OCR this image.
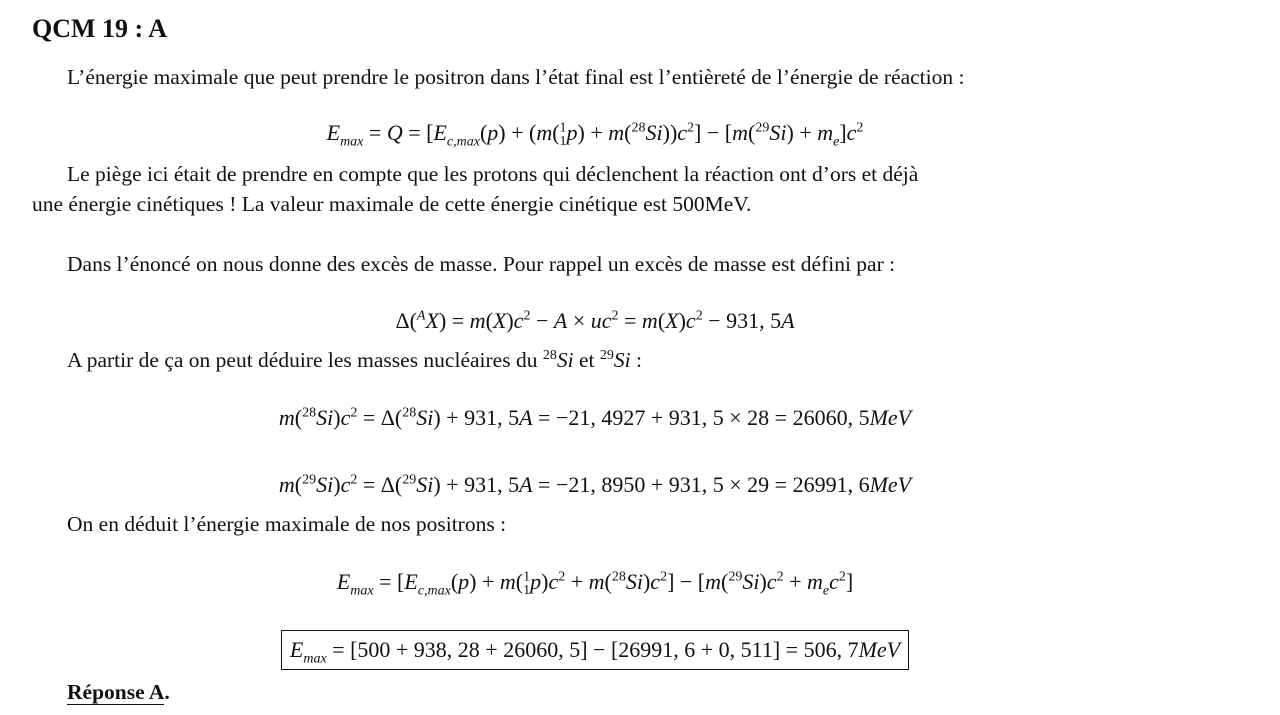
QCM 19 : A
L’énergie maximale que peut prendre le positron dans l’état final est l’entièreté de l’énergie de réaction :
$E_{max} = Q = [E_{c,max}(p) + (m(^1_1p) + m(^{28}Si))c^2] - [m(^{29}Si) + m_e]c^2$
Le piège ici était de prendre en compte que les protons qui déclenchent la réaction ont d’ors et déjà
une énergie cinétiques ! La valeur maximale de cette énergie cinétique est 500MeV.
Dans l’énoncé on nous donne des excès de masse. Pour rappel un excès de masse est défini par :
$\Delta(^AX) = m(X)c^2 - A \times uc^2 = m(X)c^2 - 931$, 5A
A partir de ça on peut déduire les masses nucléaires du $^{28}$Si et $^{29}$Si :
$m(^{28}Si)c^2 = \Delta(^{28}Si) + 931$, 5A = −21, 4927 + 931, 5 × 28 = 26060, 5MeV
$m(^{29}Si)c^2 = \Delta(^{29}Si) + 931$, 5A = −21, 8950 + 931, 5 × 29 = 26991, 6MeV
On en déduit l’énergie maximale de nos positrons :
$E_{max} = [E_{c,max}(p) + m(^1_1p)c^2 + m(^{28}Si)c^2] - [m(^{29}Si)c^2 + m_ec^2]$
$E_{max} = [500 + 938$, 28 + 26060, 5] − [26991, 6 + 0, 511] = 506, 7MeV
Réponse A.
